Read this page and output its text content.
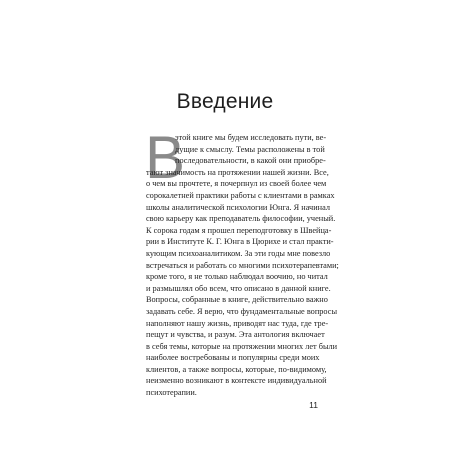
Введение
В
этой книге мы будем исследовать пути, ве-
дущие к смыслу. Темы расположены в той
последовательности, в какой они приобре-
тают значимость на протяжении нашей жизни. Все,
о чем вы прочтете, я почерпнул из своей более чем
сорокалетней практики работы с клиентами в рамках
школы аналитической психологии Юнга. Я начинал
свою карьеру как преподаватель философии, ученый.
К сорока годам я прошел переподготовку в Швейца-
рии в Институте К. Г. Юнга в Цюрихе и стал практи-
кующим психоаналитиком. За эти годы мне повезло
встречаться и работать со многими психотерапевтами;
кроме того, я не только наблюдал воочию, но читал
и размышлял обо всем, что описано в данной книге.
Вопросы, собранные в книге, действительно важно
задавать себе. Я верю, что фундаментальные вопросы
наполняют нашу жизнь, приводят нас туда, где тре-
пещут и чувства, и разум. Эта антология включает
в себя темы, которые на протяжении многих лет были
наиболее востребованы и популярны среди моих
клиентов, а также вопросы, которые, по-видимому,
неизменно возникают в контексте индивидуальной
психотерапии.
11
